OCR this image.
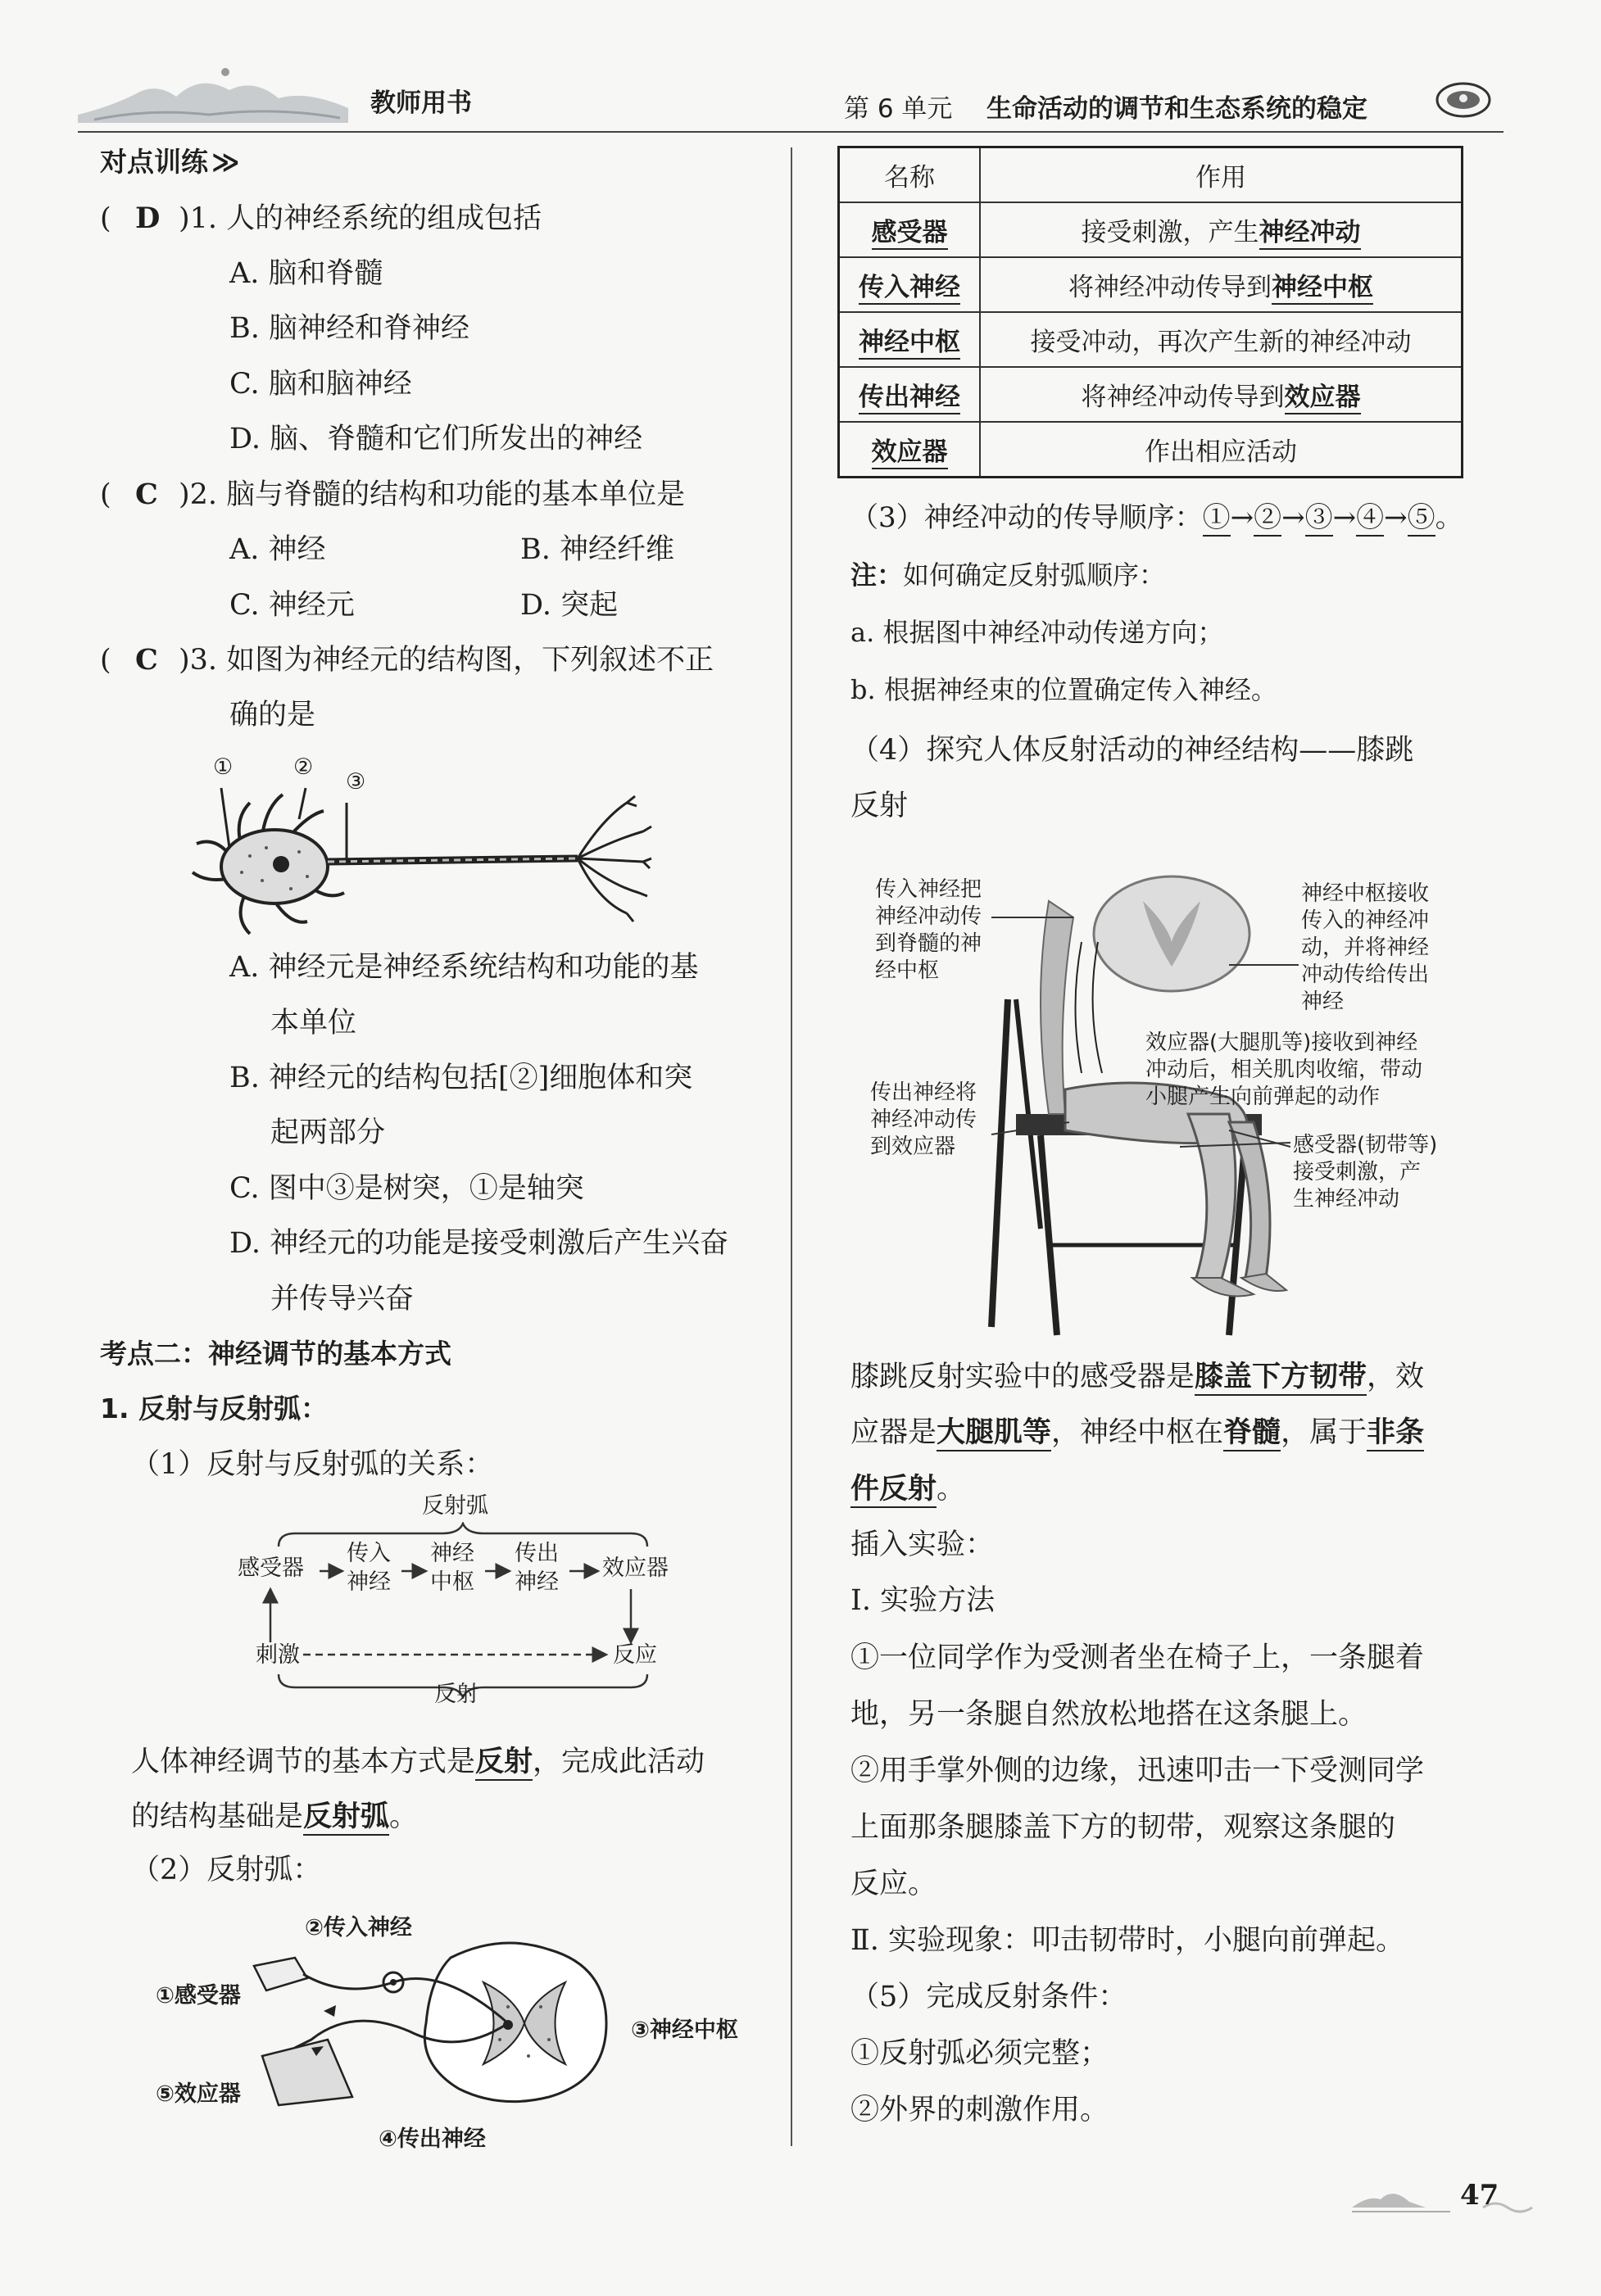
教师用书	第 6 单元 生命活动的调节和生态系统的稳定
对点训练 ≫
( D )1. 人的神经系统的组成包括
A. 脑和脊髓
B. 脑神经和脊神经
C. 脑和脑神经
D. 脑、脊髓和它们所发出的神经
( C )2. 脑与脊髓的结构和功能的基本单位是
A. 神经	B. 神经纤维
C. 神经元	D. 突起
( C )3. 如图为神经元的结构图，下列叙述不正
确的是
①	②
③
A. 神经元是神经系统结构和功能的基
本单位
B. 神经元的结构包括[②]细胞体和突
起两部分
C. 图中③是树突，①是轴突
D. 神经元的功能是接受刺激后产生兴奋
并传导兴奋
考点二：神经调节的基本方式
1. 反射与反射弧：
（1）反射与反射弧的关系：
反射弧
感受器
传入
神经
神经
中枢
传出
神经
效应器
刺激	反应
反射
人体神经调节的基本方式是反射，完成此活动
的结构基础是反射弧。
（2）反射弧：
②传入神经
①感受器
③神经中枢
⑤效应器
④传出神经
名称	作用
感受器	接受刺激，产生神经冲动
传入神经	将神经冲动传导到神经中枢
神经中枢	接受冲动，再次产生新的神经冲动
传出神经	将神经冲动传导到效应器
效应器	作出相应活动
（3）神经冲动的传导顺序：①→②→③→④→⑤。
注：如何确定反射弧顺序：
a. 根据图中神经冲动传递方向；
b. 根据神经束的位置确定传入神经。
（4）探究人体反射活动的神经结构——膝跳
反射
传入神经把
神经冲动传
到脊髓的神
经中枢
神经中枢接收
传入的神经冲
动，并将神经
冲动传给传出
神经
效应器(大腿肌等)接收到神经
冲动后，相关肌肉收缩，带动
小腿产生向前弹起的动作
传出神经将
神经冲动传
到效应器	感受器(韧带等)
接受刺激，产
生神经冲动
膝跳反射实验中的感受器是膝盖下方韧带，效
应器是大腿肌等，神经中枢在脊髓，属于非条
件反射。
插入实验：
Ⅰ. 实验方法
①一位同学作为受测者坐在椅子上，一条腿着
地，另一条腿自然放松地搭在这条腿上。
②用手掌外侧的边缘，迅速叩击一下受测同学
上面那条腿膝盖下方的韧带，观察这条腿的
反应。
Ⅱ. 实验现象：叩击韧带时，小腿向前弹起。
（5）完成反射条件：
①反射弧必须完整；
②外界的刺激作用。
47
